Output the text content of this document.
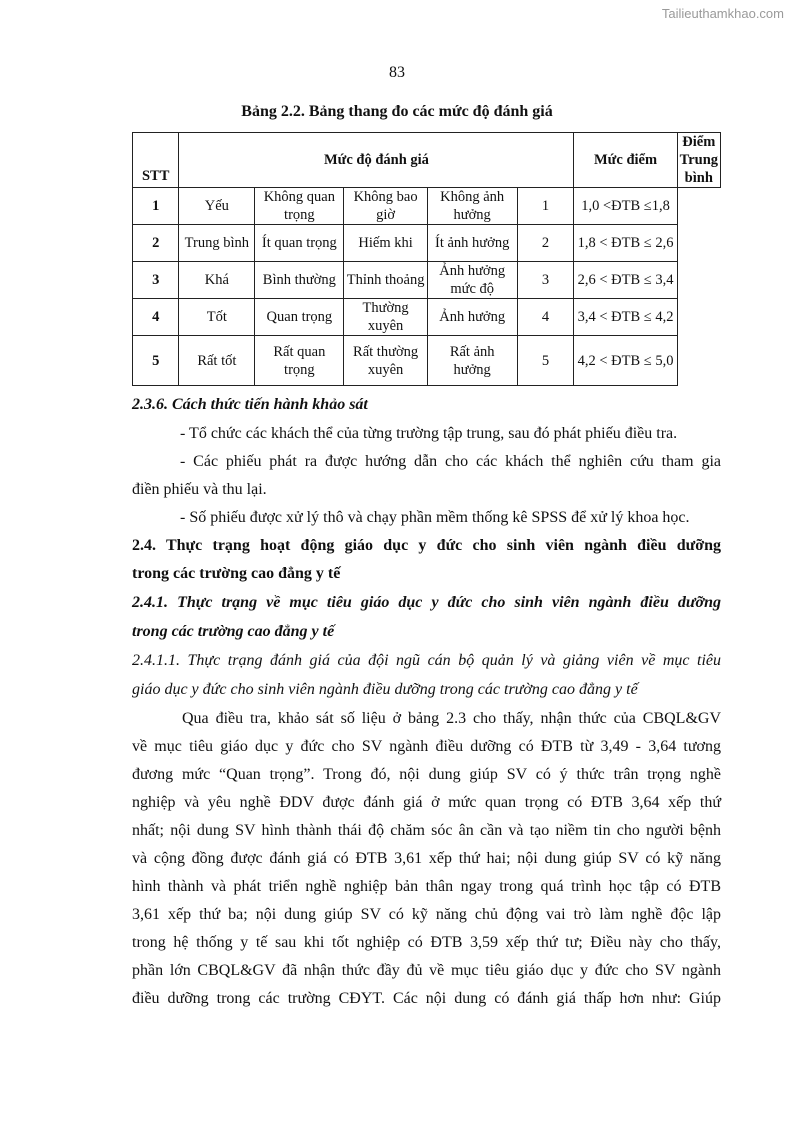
Tailieuthamkhao.com
83
Bảng 2.2. Bảng thang đo các mức độ đánh giá
STT	Mức độ đánh giá					Mức điểm	Điểm Trung bình
1	Yếu	Không quan trọng	Không bao giờ	Không ảnh hưởng	1	1,0 <ĐTB ≤1,8	
2	Trung bình	Ít quan trọng	Hiếm khi	Ít ảnh hưởng	2	1,8 < ĐTB ≤ 2,6	
3	Khá	Bình thường	Thỉnh thoảng	Ảnh hưởng mức độ	3	2,6 < ĐTB ≤ 3,4	
4	Tốt	Quan trọng	Thường xuyên	Ảnh hưởng	4	3,4 < ĐTB ≤ 4,2	
5	Rất tốt	Rất quan trọng	Rất thường xuyên	Rất ảnh hưởng	5	4,2 < ĐTB ≤ 5,0	
2.3.6. Cách thức tiến hành khảo sát
- Tổ chức các khách thể của từng trường tập trung, sau đó phát phiếu điều tra.
- Các phiếu phát ra được hướng dẫn cho các khách thể nghiên cứu tham gia
điền phiếu và thu lại.
- Số phiếu được xử lý thô và chạy phần mềm thống kê SPSS để xử lý khoa học.
2.4. Thực trạng hoạt động giáo dục y đức cho sinh viên ngành điều dưỡng
trong các trường cao đẳng y tế
2.4.1. Thực trạng về mục tiêu giáo dục y đức cho sinh viên ngành điều dưỡng
trong các trường cao đẳng y tế
2.4.1.1. Thực trạng đánh giá của đội ngũ cán bộ quản lý và giảng viên về mục tiêu
giáo dục y đức cho sinh viên ngành điều dưỡng trong các trường cao đẳng y tế
Qua điều tra, khảo sát số liệu ở bảng 2.3 cho thấy, nhận thức của CBQL&GV
về mục tiêu giáo dục y đức cho SV ngành điều dưỡng có ĐTB từ 3,49 - 3,64 tương
đương mức “Quan trọng”. Trong đó, nội dung giúp SV có ý thức trân trọng nghề
nghiệp và yêu nghề ĐDV được đánh giá ở mức quan trọng có ĐTB 3,64 xếp thứ
nhất; nội dung SV hình thành thái độ chăm sóc ân cần và tạo niềm tin cho người bệnh
và cộng đồng được đánh giá có ĐTB 3,61 xếp thứ hai; nội dung giúp SV có kỹ năng
hình thành và phát triển nghề nghiệp bản thân ngay trong quá trình học tập có ĐTB
3,61 xếp thứ ba; nội dung giúp SV có kỹ năng chủ động vai trò làm nghề độc lập
trong hệ thống y tế sau khi tốt nghiệp có ĐTB 3,59 xếp thứ tư; Điều này cho thấy,
phần lớn CBQL&GV đã nhận thức đầy đủ về mục tiêu giáo dục y đức cho SV ngành
điều dưỡng trong các trường CĐYT. Các nội dung có đánh giá thấp hơn như: Giúp
